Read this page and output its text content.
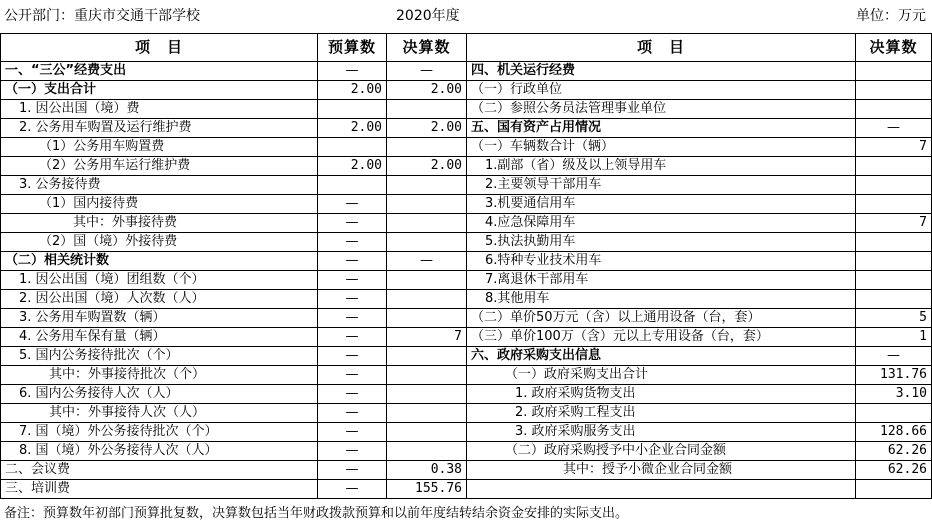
公开部门：重庆市交通干部学校	2020年度	单位：万元
项　目	预算数	决算数	项　目	决算数
一、“三公”经费支出	—	—	四、机关运行经费	
（一）支出合计	2.00	2.00	（一）行政单位	
1. 因公出国（境）费			（二）参照公务员法管理事业单位	
2. 公务用车购置及运行维护费	2.00	2.00	五、国有资产占用情况	—
（1）公务用车购置费			（一）车辆数合计（辆）	7
（2）公务用车运行维护费	2.00	2.00	1.副部（省）级及以上领导用车	
3. 公务接待费			2.主要领导干部用车	
（1）国内接待费	—		3.机要通信用车	
其中：外事接待费	—		4.应急保障用车	7
（2）国（境）外接待费	—		5.执法执勤用车	
（二）相关统计数	—	—	6.特种专业技术用车	
1. 因公出国（境）团组数（个）	—		7.离退休干部用车	
2. 因公出国（境）人次数（人）	—		8.其他用车	
3. 公务用车购置数（辆）	—		（二）单价50万元（含）以上通用设备（台，套）	5
4. 公务用车保有量（辆）	—	7	（三）单价100万（含）元以上专用设备（台，套）	1
5. 国内公务接待批次（个）	—		六、政府采购支出信息	—
其中：外事接待批次（个）	—		（一）政府采购支出合计	131.76
6. 国内公务接待人次（人）	—		1. 政府采购货物支出	3.10
其中：外事接待人次（人）	—		2. 政府采购工程支出	
7. 国（境）外公务接待批次（个）	—		3. 政府采购服务支出	128.66
8. 国（境）外公务接待人次（人）	—		（二）政府采购授予中小企业合同金额	62.26
二、会议费	—	0.38	其中：授予小微企业合同金额	62.26
三、培训费	—	155.76		
备注：预算数年初部门预算批复数，决算数包括当年财政拨款预算和以前年度结转结余资金安排的实际支出。
